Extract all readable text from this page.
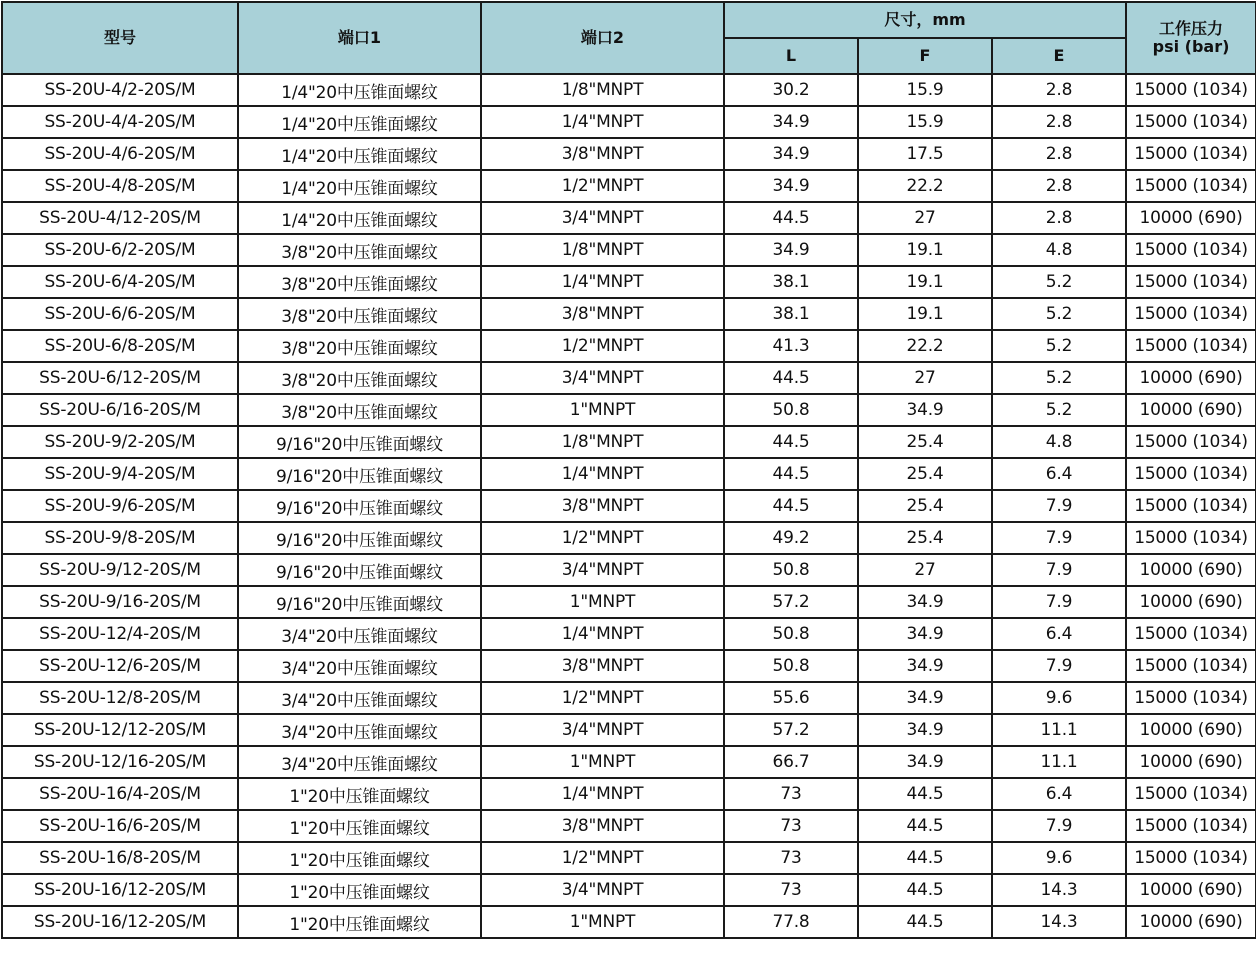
型号	端口1	端口2	尺寸，mm			工作压力
psi (bar)

			L	F	E	
SS-20U-4/2-20S/M	1/4"20中压锥面螺纹	1/8"MNPT	30.2	15.9	2.8	15000 (1034)
SS-20U-4/4-20S/M	1/4"20中压锥面螺纹	1/4"MNPT	34.9	15.9	2.8	15000 (1034)
SS-20U-4/6-20S/M	1/4"20中压锥面螺纹	3/8"MNPT	34.9	17.5	2.8	15000 (1034)
SS-20U-4/8-20S/M	1/4"20中压锥面螺纹	1/2"MNPT	34.9	22.2	2.8	15000 (1034)
SS-20U-4/12-20S/M	1/4"20中压锥面螺纹	3/4"MNPT	44.5	27	2.8	10000 (690)
SS-20U-6/2-20S/M	3/8"20中压锥面螺纹	1/8"MNPT	34.9	19.1	4.8	15000 (1034)
SS-20U-6/4-20S/M	3/8"20中压锥面螺纹	1/4"MNPT	38.1	19.1	5.2	15000 (1034)
SS-20U-6/6-20S/M	3/8"20中压锥面螺纹	3/8"MNPT	38.1	19.1	5.2	15000 (1034)
SS-20U-6/8-20S/M	3/8"20中压锥面螺纹	1/2"MNPT	41.3	22.2	5.2	15000 (1034)
SS-20U-6/12-20S/M	3/8"20中压锥面螺纹	3/4"MNPT	44.5	27	5.2	10000 (690)
SS-20U-6/16-20S/M	3/8"20中压锥面螺纹	1"MNPT	50.8	34.9	5.2	10000 (690)
SS-20U-9/2-20S/M	9/16"20中压锥面螺纹	1/8"MNPT	44.5	25.4	4.8	15000 (1034)
SS-20U-9/4-20S/M	9/16"20中压锥面螺纹	1/4"MNPT	44.5	25.4	6.4	15000 (1034)
SS-20U-9/6-20S/M	9/16"20中压锥面螺纹	3/8"MNPT	44.5	25.4	7.9	15000 (1034)
SS-20U-9/8-20S/M	9/16"20中压锥面螺纹	1/2"MNPT	49.2	25.4	7.9	15000 (1034)
SS-20U-9/12-20S/M	9/16"20中压锥面螺纹	3/4"MNPT	50.8	27	7.9	10000 (690)
SS-20U-9/16-20S/M	9/16"20中压锥面螺纹	1"MNPT	57.2	34.9	7.9	10000 (690)
SS-20U-12/4-20S/M	3/4"20中压锥面螺纹	1/4"MNPT	50.8	34.9	6.4	15000 (1034)
SS-20U-12/6-20S/M	3/4"20中压锥面螺纹	3/8"MNPT	50.8	34.9	7.9	15000 (1034)
SS-20U-12/8-20S/M	3/4"20中压锥面螺纹	1/2"MNPT	55.6	34.9	9.6	15000 (1034)
SS-20U-12/12-20S/M	3/4"20中压锥面螺纹	3/4"MNPT	57.2	34.9	11.1	10000 (690)
SS-20U-12/16-20S/M	3/4"20中压锥面螺纹	1"MNPT	66.7	34.9	11.1	10000 (690)
SS-20U-16/4-20S/M	1"20中压锥面螺纹	1/4"MNPT	73	44.5	6.4	15000 (1034)
SS-20U-16/6-20S/M	1"20中压锥面螺纹	3/8"MNPT	73	44.5	7.9	15000 (1034)
SS-20U-16/8-20S/M	1"20中压锥面螺纹	1/2"MNPT	73	44.5	9.6	15000 (1034)
SS-20U-16/12-20S/M	1"20中压锥面螺纹	3/4"MNPT	73	44.5	14.3	10000 (690)
SS-20U-16/12-20S/M	1"20中压锥面螺纹	1"MNPT	77.8	44.5	14.3	10000 (690)
